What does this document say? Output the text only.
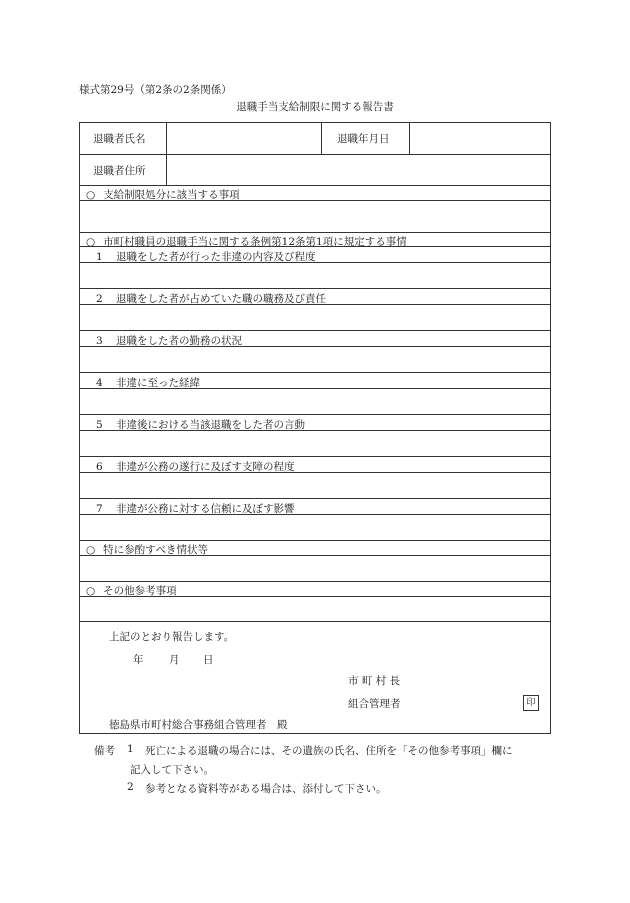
様式第29号（第2条の2条関係）
退職手当支給制限に関する報告書
退職者氏名	退職年月日
退職者住所
○ 支給制限処分に該当する事項
○ 市町村職員の退職手当に関する条例第12条第1項に規定する事情
1 退職をした者が行った非違の内容及び程度
2 退職をした者が占めていた職の職務及び責任
3 退職をした者の勤務の状況
4 非違に至った経緯
5 非違後における当該退職をした者の言動
6 非違が公務の遂行に及ぼす支障の程度
7 非違が公務に対する信頼に及ぼす影響
○ 特に参酌すべき情状等
○ その他参考事項
上記のとおり報告します。
年 月 日
市 町 村 長
組合管理者	印
徳島県市町村総合事務組合管理者　殿
備考 1 死亡による退職の場合には、その遺族の氏名、住所を「その他参考事項」欄に
記入して下さい。
2 参考となる資料等がある場合は、添付して下さい。
